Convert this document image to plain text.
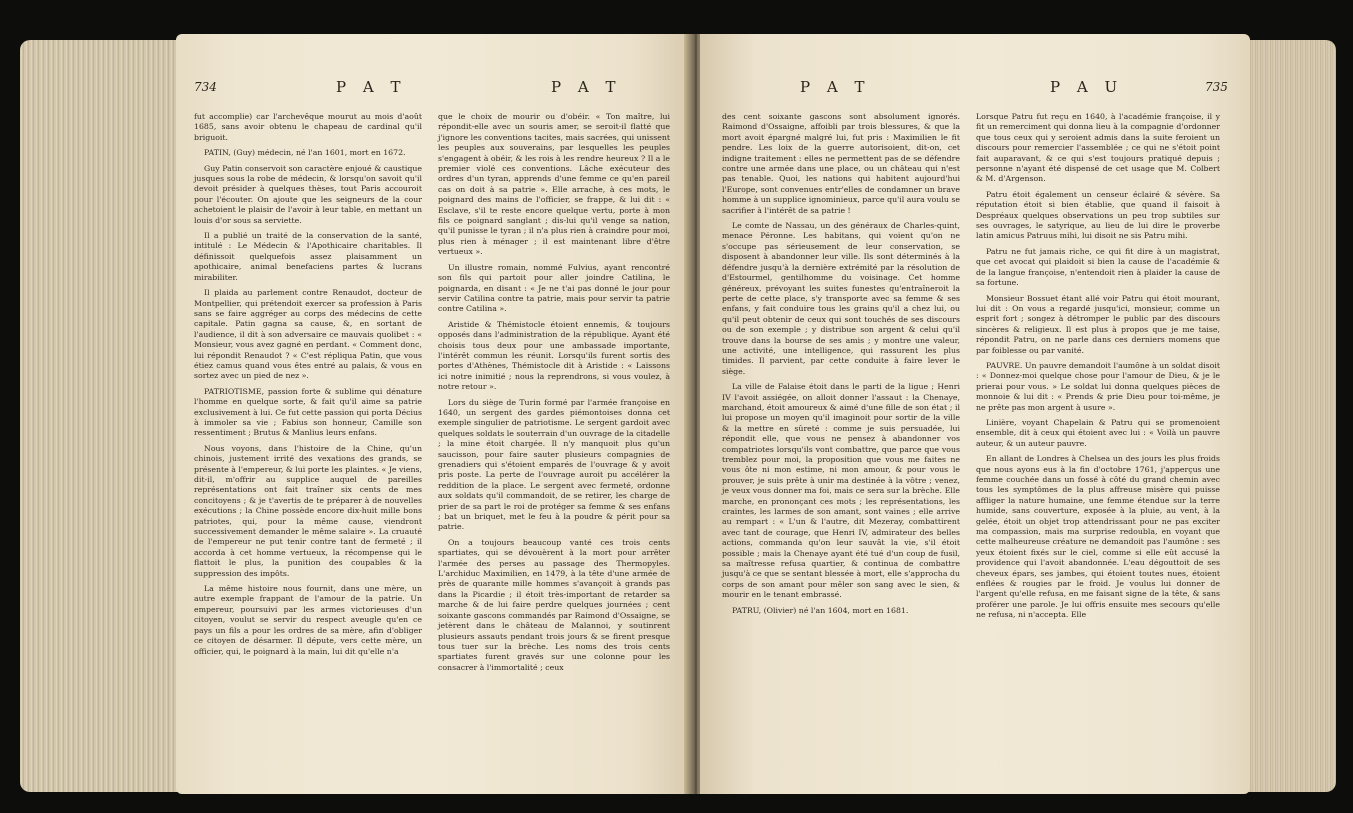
734	P A T	P A T

fut accomplie) car l'archevêque mourut au mois d'août 1685, sans avoir obtenu le chapeau de cardinal qu'il briguoit.

PATIN, (Guy) médecin, né l'an 1601, mort en 1672.

Guy Patin conservoit son caractère enjoué & caustique jusques sous la robe de médecin, & lorsqu'on savoit qu'il devoit présider à quelques thèses, tout Paris accouroit pour l'écouter. On ajoute que les seigneurs de la cour achetoient le plaisir de l'avoir à leur table, en mettant un louis d'or sous sa serviette.

Il a publié un traité de la conservation de la santé, intitulé : Le Médecin & l'Apothicaire charitables. Il définissoit quelquefois assez plaisamment un apothicaire, animal benefaciens partes & lucrans mirabiliter.

Il plaida au parlement contre Renaudot, docteur de Montpellier, qui prétendoit exercer sa profession à Paris sans se faire aggréger au corps des médecins de cette capitale. Patin gagna sa cause, &, en sortant de l'audience, il dit à son adversaire ce mauvais quolibet : « Monsieur, vous avez gagné en perdant. « Comment donc, lui répondit Renaudot ? « C'est répliqua Patin, que vous étiez camus quand vous êtes entré au palais, & vous en sortez avec un pied de nez ».

PATRIOTISME, passion forte & sublime qui dénature l'homme en quelque sorte, & fait qu'il aime sa patrie exclusivement à lui. Ce fut cette passion qui porta Décius à immoler sa vie ; Fabius son honneur, Camille son ressentiment ; Brutus & Manlius leurs enfans.

Nous voyons, dans l'histoire de la Chine, qu'un chinois, justement irrité des vexations des grands, se présente à l'empereur, & lui porte les plaintes. « Je viens, dit-il, m'offrir au supplice auquel de pareilles représentations ont fait traîner six cents de mes concitoyens ; & je t'avertis de te préparer à de nouvelles exécutions ; la Chine possède encore dix-huit mille bons patriotes, qui, pour la même cause, viendront successivement demander le même salaire ». La cruauté de l'empereur ne put tenir contre tant de fermeté ; il accorda à cet homme vertueux, la récompense qui le flattoit le plus, la punition des coupables & la suppression des impôts.

La même histoire nous fournit, dans une mère, un autre exemple frappant de l'amour de la patrie. Un empereur, poursuivi par les armes victorieuses d'un citoyen, voulut se servir du respect aveugle qu'en ce pays un fils a pour les ordres de sa mère, afin d'obliger ce citoyen de désarmer. Il députe, vers cette mère, un officier, qui, le poignard à la main, lui dit qu'elle n'a

que le choix de mourir ou d'obéir. « Ton maître, lui répondit-elle avec un souris amer, se seroit-il flatté que j'ignore les conventions tacites, mais sacrées, qui unissent les peuples aux souverains, par lesquelles les peuples s'engagent à obéir, & les rois à les rendre heureux ? Il a le premier violé ces conventions. Lâche exécuteur des ordres d'un tyran, apprends d'une femme ce qu'en pareil cas on doit à sa patrie ». Elle arrache, à ces mots, le poignard des mains de l'officier, se frappe, & lui dit : « Esclave, s'il te reste encore quelque vertu, porte à mon fils ce poignard sanglant ; dis-lui qu'il venge sa nation, qu'il punisse le tyran ; il n'a plus rien à craindre pour moi, plus rien à ménager ; il est maintenant libre d'être vertueux ».

Un illustre romain, nommé Fulvius, ayant rencontré son fils qui partoit pour aller joindre Catilina, le poignarda, en disant : « Je ne t'ai pas donné le jour pour servir Catilina contre ta patrie, mais pour servir ta patrie contre Catilina ».

Aristide & Thémistocle étoient ennemis, & toujours opposés dans l'administration de la république. Ayant été choisis tous deux pour une ambassade importante, l'intérêt commun les réunit. Lorsqu'ils furent sortis des portes d'Athènes, Thémistocle dit à Aristide : « Laissons ici notre inimitié ; nous la reprendrons, si vous voulez, à notre retour ».

Lors du siège de Turin formé par l'armée françoise en 1640, un sergent des gardes piémontoises donna cet exemple singulier de patriotisme. Le sergent gardoit avec quelques soldats le souterrain d'un ouvrage de la citadelle ; la mine étoit chargée. Il n'y manquoit plus qu'un saucisson, pour faire sauter plusieurs compagnies de grenadiers qui s'étoient emparés de l'ouvrage & y avoit pris poste. La perte de l'ouvrage auroit pu accélérer la reddition de la place. Le sergent avec fermeté, ordonne aux soldats qu'il commandoit, de se retirer, les charge de prier de sa part le roi de protéger sa femme & ses enfans ; bat un briquet, met le feu à la poudre & périt pour sa patrie.

On a toujours beaucoup vanté ces trois cents spartiates, qui se dévouèrent à la mort pour arrêter l'armée des perses au passage des Thermopyles. L'archiduc Maximilien, en 1479, à la tête d'une armée de près de quarante mille hommes s'avançoit à grands pas dans la Picardie ; il étoit très-important de retarder sa marche & de lui faire perdre quelques journées ; cent soixante gascons commandés par Raimond d'Ossaigne, se jetèrent dans le château de Malannoi, y soutinrent plusieurs assauts pendant trois jours & se firent presque tous tuer sur la brèche. Les noms des trois cents spartiates furent gravés sur une colonne pour les consacrer à l'immortalité ; ceux

P A T	P A U	735

des cent soixante gascons sont absolument ignorés. Raimond d'Ossaigne, affoibli par trois blessures, & que la mort avoit épargné malgré lui, fut pris : Maximilien le fit pendre. Les loix de la guerre autorisoient, dit-on, cet indigne traitement : elles ne permettent pas de se défendre contre une armée dans une place, ou un château qui n'est pas tenable. Quoi, les nations qui habitent aujourd'hui l'Europe, sont convenues entr'elles de condamner un brave homme à un supplice ignominieux, parce qu'il aura voulu se sacrifier à l'intérêt de sa patrie !

Le comte de Nassau, un des généraux de Charles-quint, menace Péronne. Les habitans, qui voient qu'on ne s'occupe pas sérieusement de leur conservation, se disposent à abandonner leur ville. Ils sont déterminés à la défendre jusqu'à la dernière extrémité par la résolution de d'Estourmel, gentilhomme du voisinage. Cet homme généreux, prévoyant les suites funestes qu'entraîneroit la perte de cette place, s'y transporte avec sa femme & ses enfans, y fait conduire tous les grains qu'il a chez lui, ou qu'il peut obtenir de ceux qui sont touchés de ses discours ou de son exemple ; y distribue son argent & celui qu'il trouve dans la bourse de ses amis ; y montre une valeur, une activité, une intelligence, qui rassurent les plus timides. Il parvient, par cette conduite à faire lever le siège.

La ville de Falaise étoit dans le parti de la ligue ; Henri IV l'avoit assiégée, on alloit donner l'assaut : la Chenaye, marchand, étoit amoureux & aimé d'une fille de son état ; il lui propose un moyen qu'il imaginoit pour sortir de la ville & la mettre en sûreté : comme je suis persuadée, lui répondit elle, que vous ne pensez à abandonner vos compatriotes lorsqu'ils vont combattre, que parce que vous tremblez pour moi, la proposition que vous me faites ne vous ôte ni mon estime, ni mon amour, & pour vous le prouver, je suis prête à unir ma destinée à la vôtre ; venez, je veux vous donner ma foi, mais ce sera sur la brèche. Elle marche, en prononçant ces mots ; les représentations, les craintes, les larmes de son amant, sont vaines ; elle arrive au rempart : « L'un & l'autre, dit Mezeray, combattirent avec tant de courage, que Henri IV, admirateur des belles actions, commanda qu'on leur sauvât la vie, s'il étoit possible ; mais la Chenaye ayant été tué d'un coup de fusil, sa maîtresse refusa quartier, & continua de combattre jusqu'à ce que se sentant blessée à mort, elle s'approcha du corps de son amant pour mêler son sang avec le sien, & mourir en le tenant embrassé.

PATRU, (Olivier) né l'an 1604, mort en 1681.

Lorsque Patru fut reçu en 1640, à l'académie françoise, il y fit un remerciment qui donna lieu à la compagnie d'ordonner que tous ceux qui y seroient admis dans la suite feroient un discours pour remercier l'assemblée ; ce qui ne s'étoit point fait auparavant, & ce qui s'est toujours pratiqué depuis ; personne n'ayant été dispensé de cet usage que M. Colbert & M. d'Argenson.

Patru étoit également un censeur éclairé & sévère. Sa réputation étoit si bien établie, que quand il faisoit à Despréaux quelques observations un peu trop subtiles sur ses ouvrages, le satyrique, au lieu de lui dire le proverbe latin amicus Patruus mihi, lui disoit ne sis Patru mihi.

Patru ne fut jamais riche, ce qui fit dire à un magistrat, que cet avocat qui plaidoit si bien la cause de l'académie & de la langue françoise, n'entendoit rien à plaider la cause de sa fortune.

Monsieur Bossuet étant allé voir Patru qui étoit mourant, lui dit : On vous a regardé jusqu'ici, monsieur, comme un esprit fort ; songez à détromper le public par des discours sincères & religieux. Il est plus à propos que je me taise, répondit Patru, on ne parle dans ces derniers momens que par foiblesse ou par vanité.

PAUVRE. Un pauvre demandoit l'aumône à un soldat disoit : « Donnez-moi quelque chose pour l'amour de Dieu, & je le prierai pour vous. » Le soldat lui donna quelques pièces de monnoie & lui dit : « Prends & prie Dieu pour toi-même, je ne prête pas mon argent à usure ».

Linière, voyant Chapelain & Patru qui se promenoient ensemble, dit à ceux qui étoient avec lui : « Voilà un pauvre auteur, & un auteur pauvre.

En allant de Londres à Chelsea un des jours les plus froids que nous ayons eus à la fin d'octobre 1761, j'apperçus une femme couchée dans un fossé à côté du grand chemin avec tous les symptômes de la plus affreuse misère qui puisse affliger la nature humaine, une femme étendue sur la terre humide, sans couverture, exposée à la pluie, au vent, à la gelée, étoit un objet trop attendrissant pour ne pas exciter ma compassion, mais ma surprise redoubla, en voyant que cette malheureuse créature ne demandoit pas l'aumône : ses yeux étoient fixés sur le ciel, comme si elle eût accusé la providence qui l'avoit abandonnée. L'eau dégouttoit de ses cheveux épars, ses jambes, qui étoient toutes nues, étoient enflées & rougies par le froid. Je voulus lui donner de l'argent qu'elle refusa, en me faisant signe de la tête, & sans proférer une parole. Je lui offris ensuite mes secours qu'elle ne refusa, ni n'accepta. Elle
